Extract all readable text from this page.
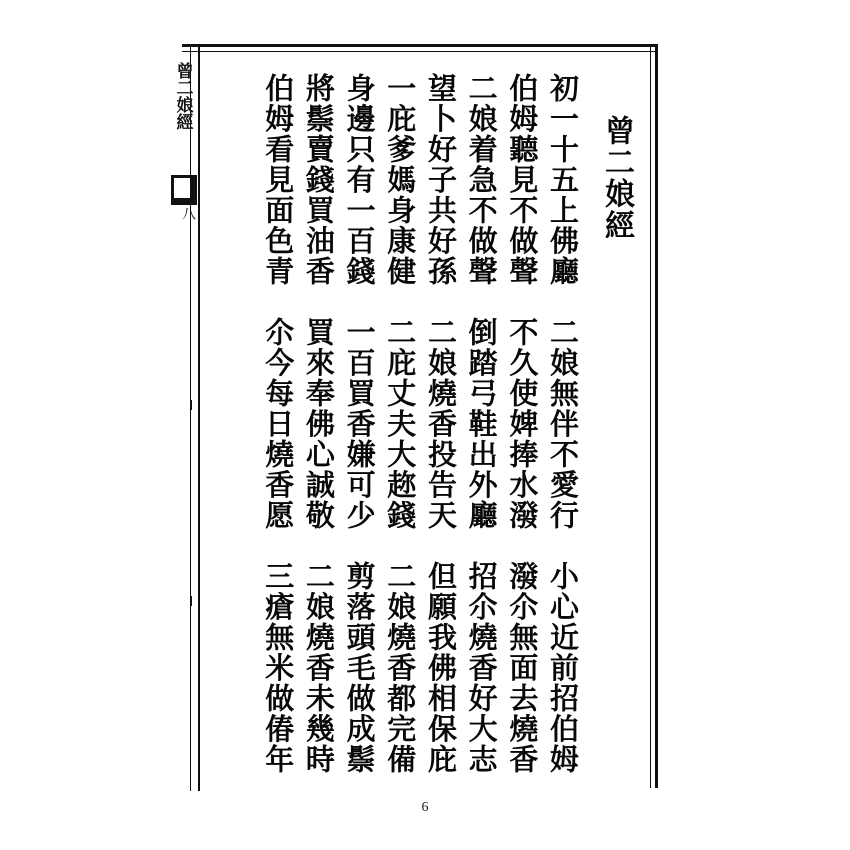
曾二娘經
初一十五上佛廳　二娘無伴不愛行　小心近前招伯姆
伯姆聽見不做聲　不久使婢捧水潑　潑尒無面去燒香
二娘着急不做聲　倒踏弓鞋出外廳　招尒燒香好大志
望卜好子共好孫　二娘燒香投告天　但願我佛相保庇
一庇爹媽身康健　二庇丈夫大趂錢　二娘燒香都完備
身邊只有一百錢　一百買香嫌可少　剪落頭毛做成鬃
將鬃賣錢買油香　買來奉佛心誠敬　二娘燒香未幾時
伯姆看見面色青　尒今每日燒香愿　三瘡無米做偆年
曾二娘經
八
6
